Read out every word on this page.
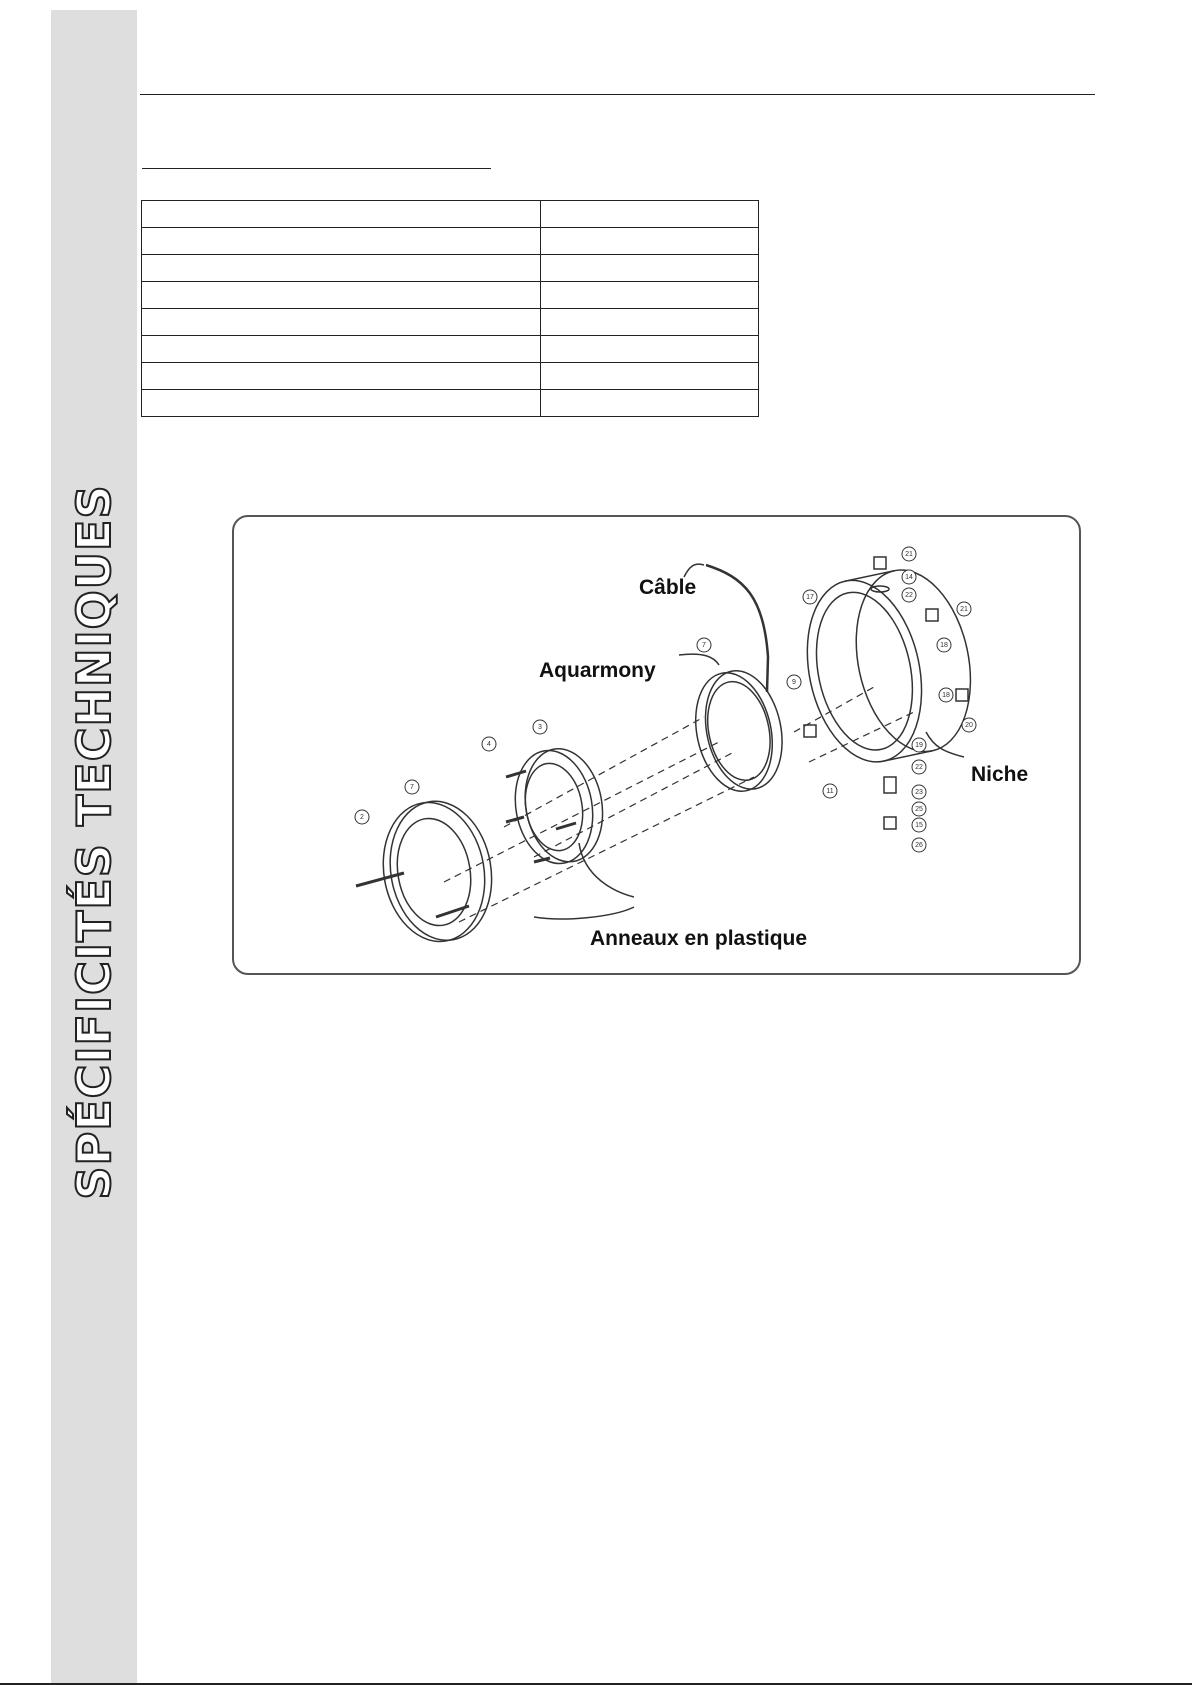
SPÉCIFICITÉS TECHNIQUES

		Câble
Aquarmony
Niche
Anneaux en plastique
2
7
4
3
7
9
11
17
21
14
22
21
18
18
20
19
22
23
25
15
26
